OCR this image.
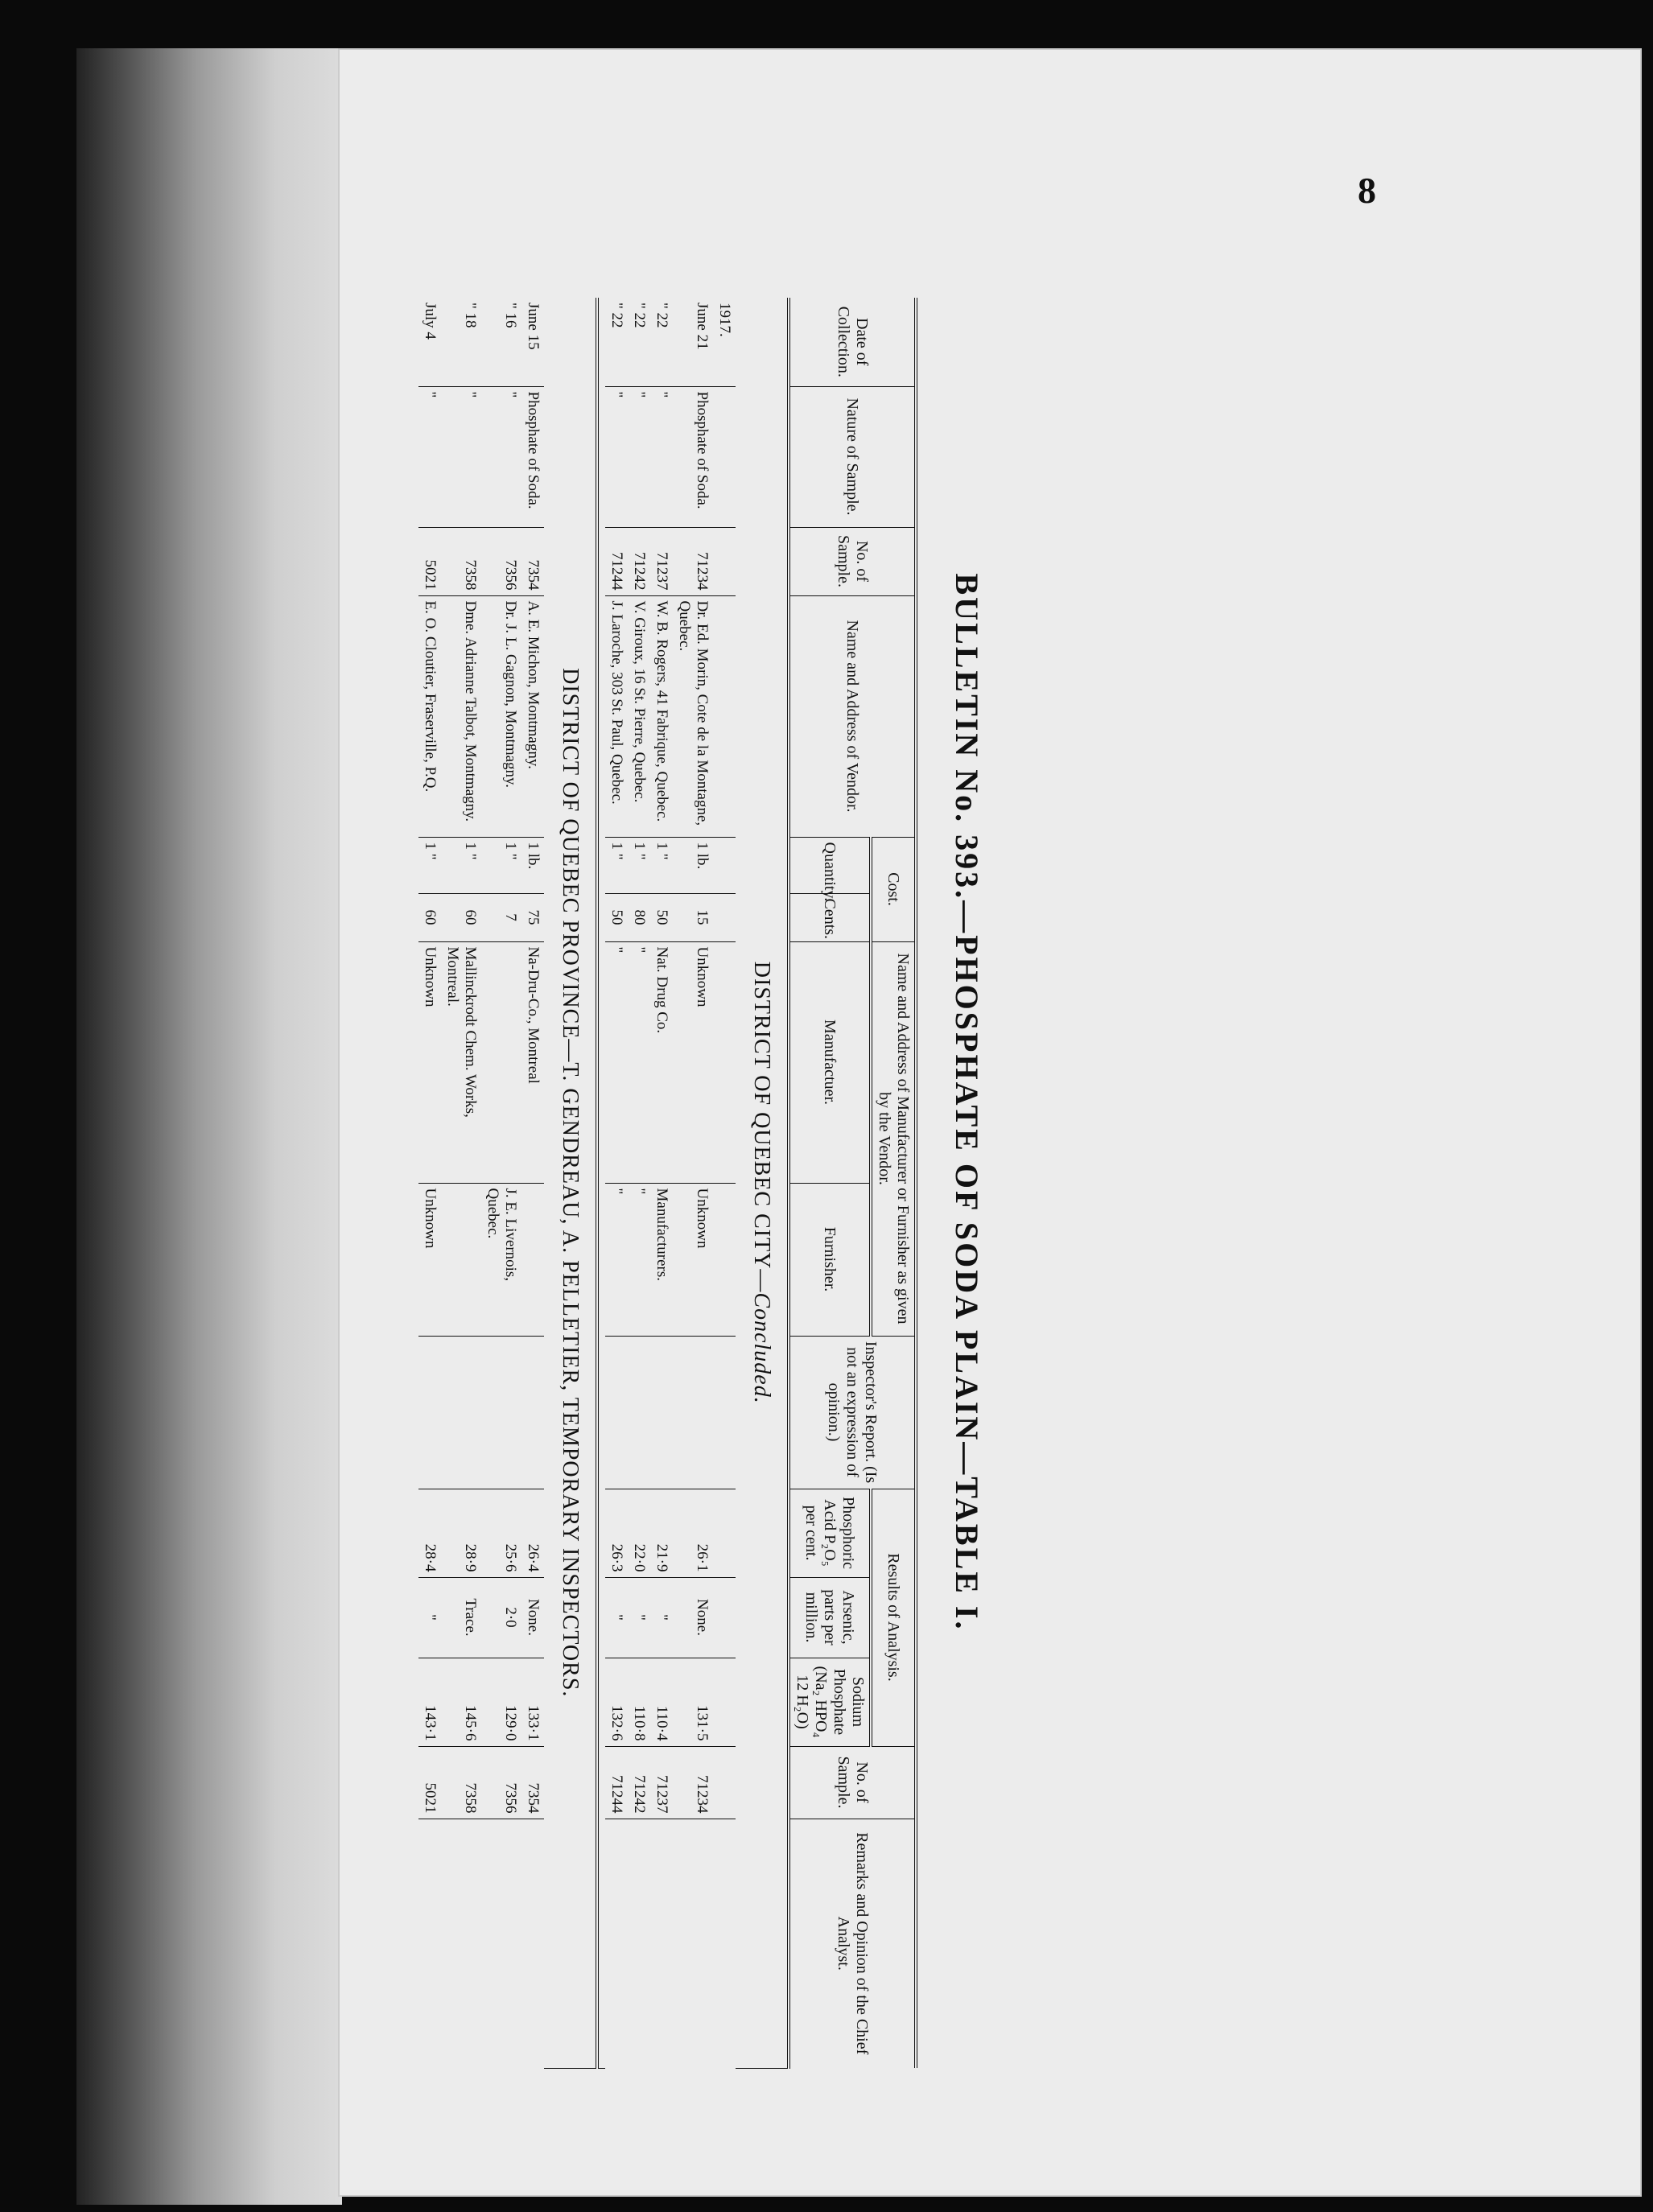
8
BULLETIN No. 393.—PHOSPHATE OF SODA PLAIN—TABLE I.
Date of Collection.	Nature of Sample.	No. of Sample.	Name and Address of Vendor.	Cost.		Name and Address of Manufacturer or Furnisher as given by the Vendor.		Inspector's Report. (Is not an expression of opinion.)	Results of Analysis.			No. of Sample.	Remarks and Opinion of the Chief Analyst.
				Quantity.	Cents.	Manufactuer.	Furnisher.		Phosphoric Acid P₂O₅ per cent.	Arsenic, parts per million.	Sodium Phosphate (Na₂ HPO₄ 12 H₂O)		
DISTRICT OF QUEBEC CITY—Concluded.													
1917.													
June 21	Phosphate of Soda.	71234	Dr. Ed. Morin, Cote de la Montagne, Quebec.	1 lb.	15	Unknown	Unknown		26·1	None.	131·5	71234	
" 22	"	71237	W. B. Rogers, 41 Fabrique, Quebec.	1 "	50	Nat. Drug Co.	Manufacturers.		21·9	"	110·4	71237	
" 22	"	71242	V. Giroux, 16 St. Pierre, Quebec.	1 "	80	"	"		22·0	"	110·8	71242	
" 22	"	71244	J. Laroche, 303 St. Paul, Quebec.	1 "	50	"	"		26·3	"	132·6	71244	

DISTRICT OF QUEBEC PROVINCE—T. GENDREAU, A. PELLETIER, TEMPORARY INSPECTORS.													
June 15	Phosphate of Soda.	7354	A. E. Michon, Montmagny.	1 lb.	75	Na-Dru-Co., Montreal			26·4	None.	133·1	7354	
" 16	"	7356	Dr. J. L. Gagnon, Montmagny.	1 "	7		J. E. Livernois, Quebec.		25·6	2·0	129·0	7356	
" 18	"	7358	Dme. Adrianne Talbot, Montmagny.	1 "	60	Mallinckrodt Chem. Works, Montreal.			28·9	Trace.	145·6	7358	
July 4	"	5021	E. O. Cloutier, Fraserville, P.Q.	1 "	60	Unknown	Unknown		28·4	"	143·1	5021	
